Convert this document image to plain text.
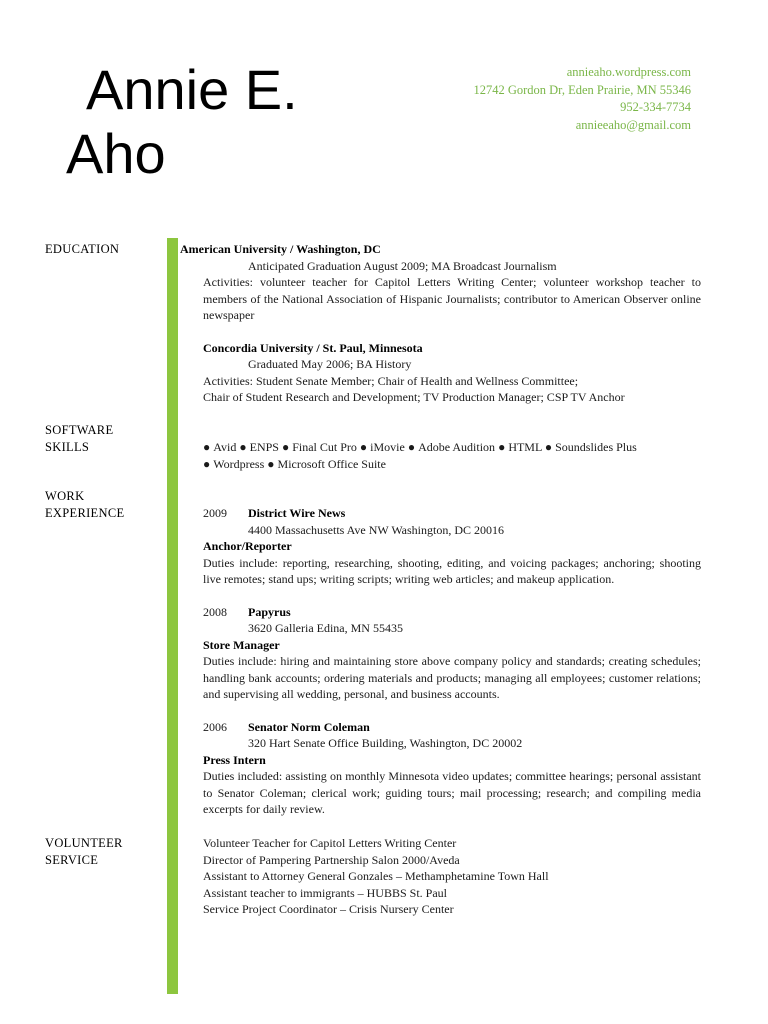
Annie E.
Aho
annieaho.wordpress.com
12742 Gordon Dr, Eden Prairie, MN 55346
952-334-7734
annieeaho@gmail.com
EDUCATION	American University / Washington, DC
Anticipated Graduation August 2009; MA Broadcast Journalism
Activities: volunteer teacher for Capitol Letters Writing Center; volunteer workshop teacher to members of the National Association of Hispanic Journalists; contributor to American Observer online newspaper
Concordia University / St. Paul, Minnesota
Graduated May 2006; BA History
Activities: Student Senate Member; Chair of Health and Wellness Committee;
Chair of Student Research and Development; TV Production Manager; CSP TV Anchor
SOFTWARE
SKILLS	● Avid ● ENPS ● Final Cut Pro ● iMovie ● Adobe Audition ● HTML ● Soundslides Plus
● Wordpress ● Microsoft Office Suite
WORK
EXPERIENCE	2009	District Wire News
4400 Massachusetts Ave NW Washington, DC 20016
Anchor/Reporter
Duties include: reporting, researching, shooting, editing, and voicing packages; anchoring; shooting live remotes; stand ups; writing scripts; writing web articles; and makeup application.
2008	Papyrus
3620 Galleria Edina, MN 55435
Store Manager
Duties include: hiring and maintaining store above company policy and standards; creating schedules; handling bank accounts; ordering materials and products; managing all employees; customer relations; and supervising all wedding, personal, and business accounts.
2006	Senator Norm Coleman
320 Hart Senate Office Building, Washington, DC 20002
Press Intern
Duties included: assisting on monthly Minnesota video updates; committee hearings; personal assistant to Senator Coleman; clerical work; guiding tours; mail processing; research; and compiling media excerpts for daily review.
VOLUNTEER
SERVICE
Volunteer Teacher for Capitol Letters Writing Center
Director of Pampering Partnership Salon 2000/Aveda
Assistant to Attorney General Gonzales – Methamphetamine Town Hall
Assistant teacher to immigrants – HUBBS St. Paul
Service Project Coordinator – Crisis Nursery Center
